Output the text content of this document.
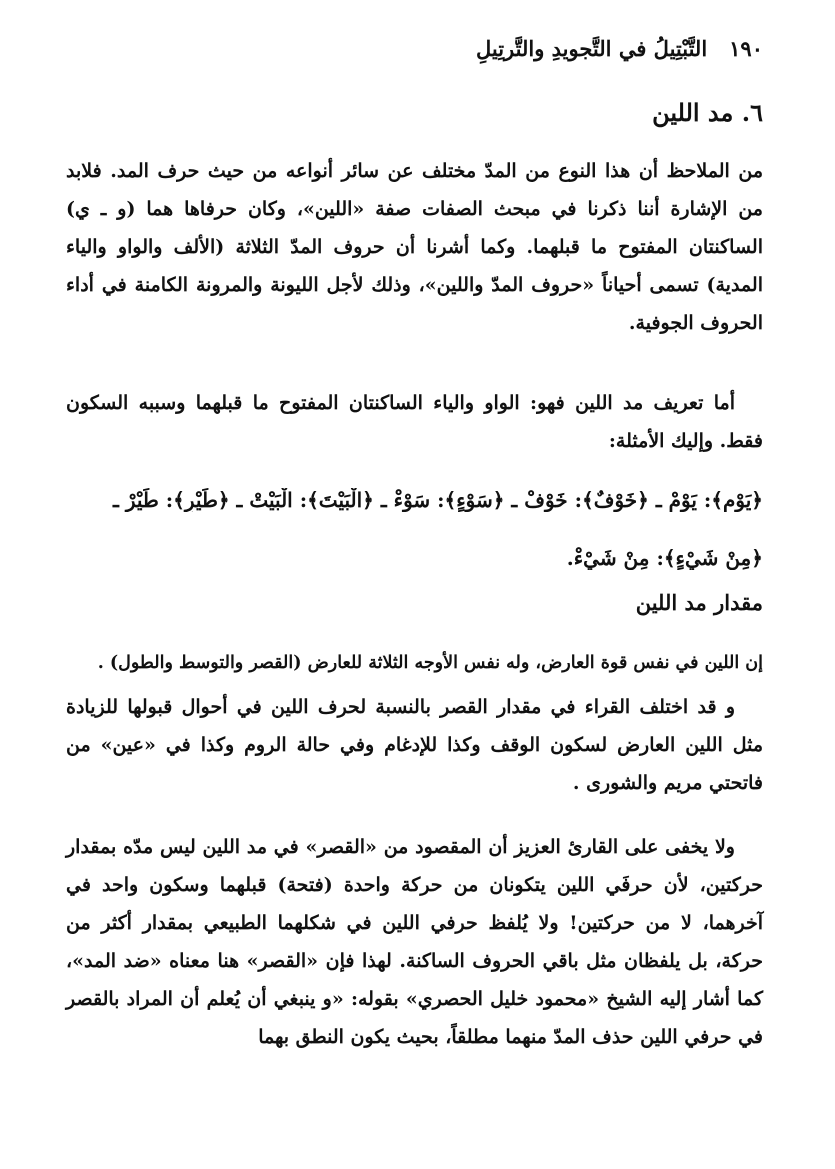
١٩٠
التَّبْتِيلُ في التَّجويدِ والتَّرتِيلِ
٦. مد اللين

من الملاحظ أن هذا النوع من المدّ مختلف عن سائر أنواعه من حيث حرف المد. فلابد من الإشارة أننا ذكرنا في مبحث الصفات صفة «اللين»، وكان حرفاها هما (و ـ ي) الساكنتان المفتوح ما قبلهما. وكما أشرنا أن حروف المدّ الثلاثة (الألف والواو والياء المدية) تسمى أحياناً «حروف المدّ واللين»، وذلك لأجل الليونة والمرونة الكامنة في أداء الحروف الجوفية.

أما تعريف مد اللين فهو: الواو والياء الساكنتان المفتوح ما قبلهما وسببه السكون فقط. وإليك الأمثلة:

﴿يَوْمِ﴾: يَوْمْ ـ ﴿خَوْفٌ﴾: خَوْفْ ـ ﴿سَوْءٍ﴾: سَوْءْ ـ ﴿الْبَيْتَ﴾: الْبَيْتْ ـ ﴿طَيْرٍ﴾: طَيْرْ ـ
﴿مِنْ شَيْءٍ﴾: مِنْ شَيْءْ.
مقدار مد اللين

إن اللين في نفس قوة العارض، وله نفس الأوجه الثلاثة للعارض (القصر والتوسط والطول) .

و قد اختلف القراء في مقدار القصر بالنسبة لحرف اللين في أحوال قبولها للزيادة مثل اللين العارض لسكون الوقف وكذا للإدغام وفي حالة الروم وكذا في «عين» من فاتحتي مريم والشورى .

ولا يخفى على القارئ العزيز أن المقصود من «القصر» في مد اللين ليس مدّه بمقدار حركتين، لأن حرفَي اللين يتكونان من حركة واحدة (فتحة) قبلهما وسكون واحد في آخرهما، لا من حركتين! ولا يُلفظ حرفي اللين في شكلهما الطبيعي بمقدار أكثر من حركة، بل يلفظان مثل باقي الحروف الساكنة. لهذا فإن «القصر» هنا معناه «ضد المد»، كما أشار إليه الشيخ «محمود خليل الحصري» بقوله: «و ينبغي أن يُعلم أن المراد بالقصر في حرفي اللين حذف المدّ منهما مطلقاً، بحيث يكون النطق بهما
